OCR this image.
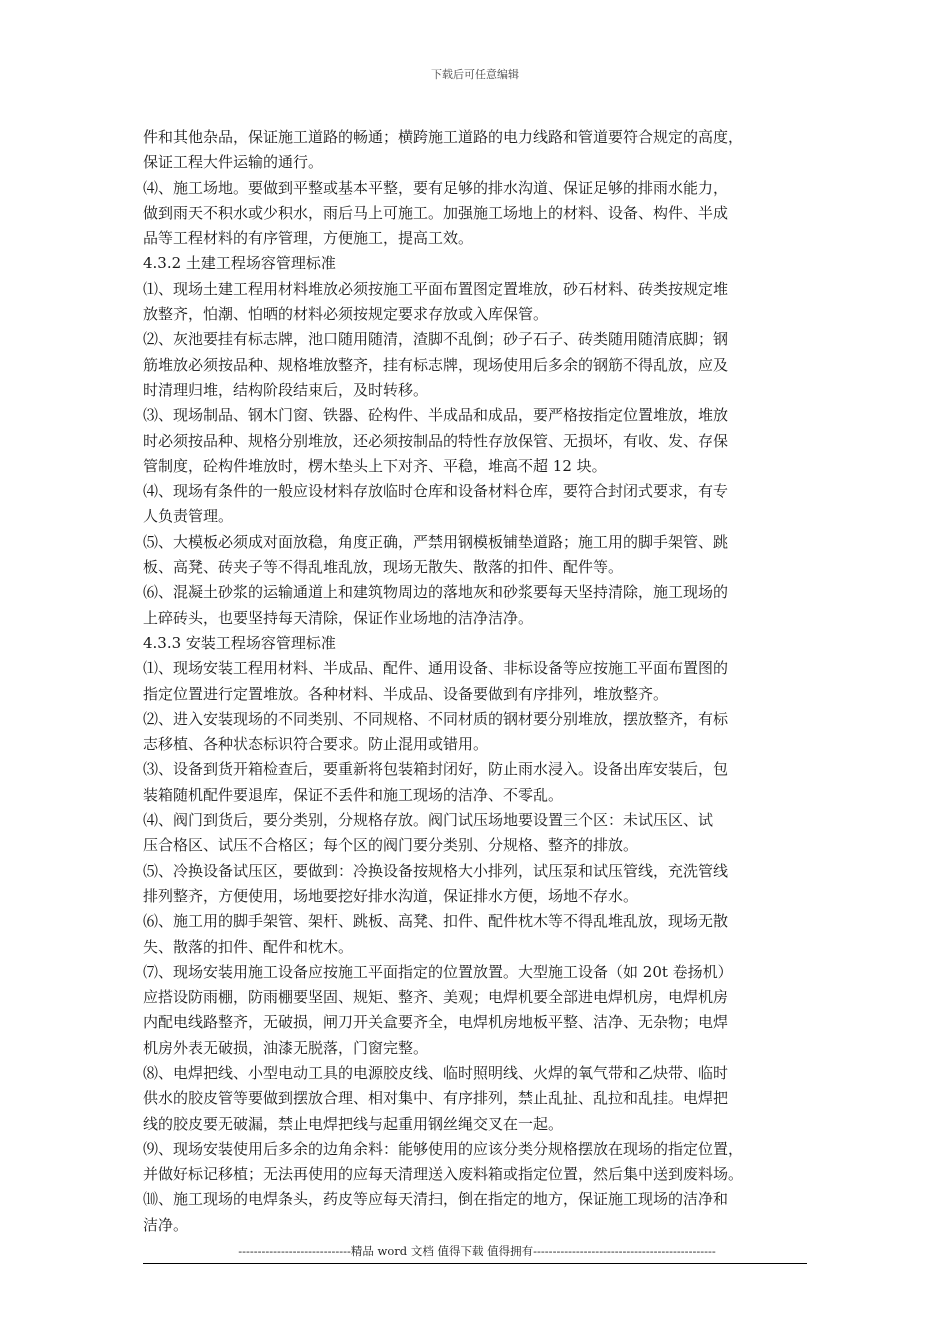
下载后可任意编辑

件和其他杂品，保证施工道路的畅通；横跨施工道路的电力线路和管道要符合规定的高度，

保证工程大件运输的通行。

⑷、施工场地。要做到平整或基本平整，要有足够的排水沟道、保证足够的排雨水能力，

做到雨天不积水或少积水，雨后马上可施工。加强施工场地上的材料、设备、构件、半成

品等工程材料的有序管理，方便施工，提高工效。

4.3.2 土建工程场容管理标准

⑴、现场土建工程用材料堆放必须按施工平面布置图定置堆放，砂石材料、砖类按规定堆

放整齐，怕潮、怕晒的材料必须按规定要求存放或入库保管。

⑵、灰池要挂有标志牌，池口随用随清，渣脚不乱倒；砂子石子、砖类随用随清底脚；钢

筋堆放必须按品种、规格堆放整齐，挂有标志牌，现场使用后多余的钢筋不得乱放，应及

时清理归堆，结构阶段结束后，及时转移。

⑶、现场制品、钢木门窗、铁器、砼构件、半成品和成品，要严格按指定位置堆放，堆放

时必须按品种、规格分别堆放，还必须按制品的特性存放保管、无损坏，有收、发、存保

管制度，砼构件堆放时，楞木垫头上下对齐、平稳，堆高不超 12 块。

⑷、现场有条件的一般应设材料存放临时仓库和设备材料仓库，要符合封闭式要求，有专

人负责管理。

⑸、大模板必须成对面放稳，角度正确，严禁用钢模板铺垫道路；施工用的脚手架管、跳

板、高凳、砖夹子等不得乱堆乱放，现场无散失、散落的扣件、配件等。

⑹、混凝土砂浆的运输通道上和建筑物周边的落地灰和砂浆要每天坚持清除，施工现场的

上碎砖头，也要坚持每天清除，保证作业场地的洁净洁净。

4.3.3 安装工程场容管理标准

⑴、现场安装工程用材料、半成品、配件、通用设备、非标设备等应按施工平面布置图的

指定位置进行定置堆放。各种材料、半成品、设备要做到有序排列，堆放整齐。

⑵、进入安装现场的不同类别、不同规格、不同材质的钢材要分别堆放，摆放整齐，有标

志移植、各种状态标识符合要求。防止混用或错用。

⑶、设备到货开箱检查后，要重新将包装箱封闭好，防止雨水浸入。设备出库安装后，包

装箱随机配件要退库，保证不丢件和施工现场的洁净、不零乱。

⑷、阀门到货后，要分类别，分规格存放。阀门试压场地要设置三个区：未试压区、试

压合格区、试压不合格区；每个区的阀门要分类别、分规格、整齐的排放。

⑸、冷换设备试压区，要做到：冷换设备按规格大小排列，试压泵和试压管线，充洗管线

排列整齐，方便使用，场地要挖好排水沟道，保证排水方便，场地不存水。

⑹、施工用的脚手架管、架杆、跳板、高凳、扣件、配件枕木等不得乱堆乱放，现场无散

失、散落的扣件、配件和枕木。

⑺、现场安装用施工设备应按施工平面指定的位置放置。大型施工设备（如 20t 卷扬机）

应搭设防雨棚，防雨棚要坚固、规矩、整齐、美观；电焊机要全部进电焊机房，电焊机房

内配电线路整齐，无破损，闸刀开关盒要齐全，电焊机房地板平整、洁净、无杂物；电焊

机房外表无破损，油漆无脱落，门窗完整。

⑻、电焊把线、小型电动工具的电源胶皮线、临时照明线、火焊的氧气带和乙炔带、临时

供水的胶皮管等要做到摆放合理、相对集中、有序排列，禁止乱扯、乱拉和乱挂。电焊把

线的胶皮要无破漏，禁止电焊把线与起重用钢丝绳交叉在一起。

⑼、现场安装使用后多余的边角余料：能够使用的应该分类分规格摆放在现场的指定位置，

并做好标记移植；无法再使用的应每天清理送入废料箱或指定位置，然后集中送到废料场。

⑽、施工现场的电焊条头，药皮等应每天清扫，倒在指定的地方，保证施工现场的洁净和

洁净。

-----------------------------精品 word 文档 值得下载 值得拥有-----------------------------------------------
